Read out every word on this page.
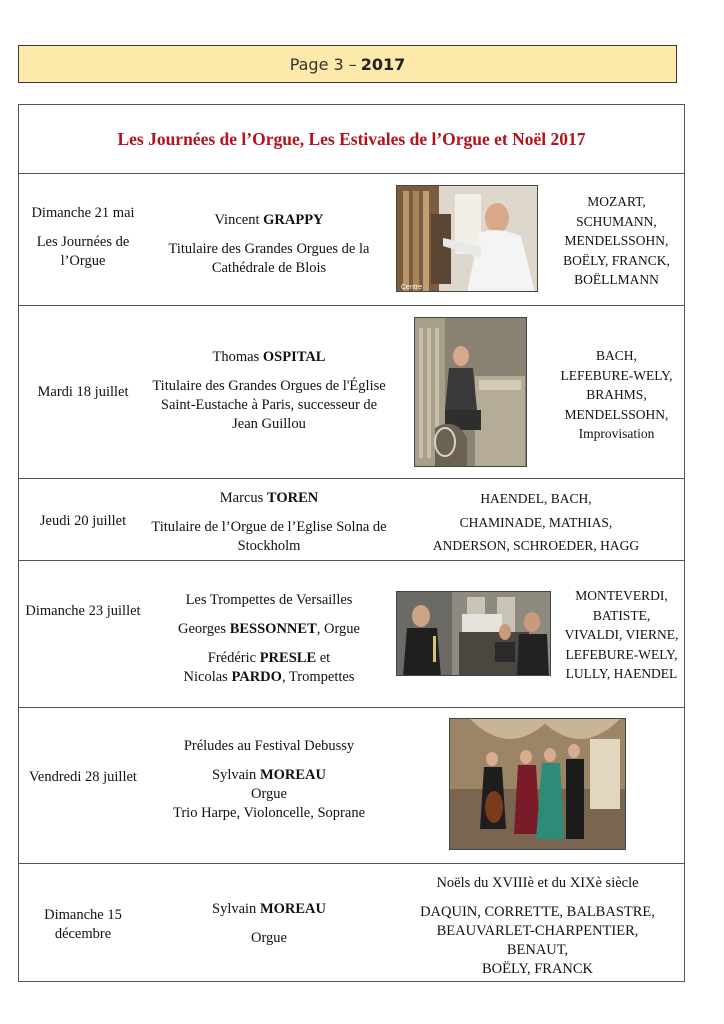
Page 3 – 2017
Les Journées de l’Orgue, Les Estivales de l’Orgue et Noël 2017

Dimanche 21 mai

Les Journées de l’Orgue

Vincent GRAPPY

Titulaire des Grandes Orgues de la Cathédrale de Blois

Centre
MOZART,
SCHUMANN,
MENDELSSOHN,
BOËLY, FRANCK,
BOËLLMANN

Mardi 18 juillet

Thomas OSPITAL

Titulaire des Grandes Orgues de l'Église Saint-Eustache à Paris, successeur de Jean Guillou

BACH,
LEFEBURE-WELY,
BRAHMS,
MENDELSSOHN,
Improvisation

Jeudi 20 juillet

Marcus TOREN

Titulaire de l’Orgue de l’Eglise Solna de Stockholm

HAENDEL, BACH,
CHAMINADE, MATHIAS,
ANDERSON, SCHROEDER, HAGG

Dimanche 23 juillet

Les Trompettes de Versailles

Georges BESSONNET, Orgue

Frédéric PRESLE et

Nicolas PARDO, Trompettes

MONTEVERDI,
BATISTE,
VIVALDI, VIERNE,
LEFEBURE-WELY,
LULLY, HAENDEL

Vendredi 28 juillet

Préludes au Festival Debussy

Sylvain MOREAU

Orgue

Trio Harpe, Violoncelle, Soprane

Dimanche 15 décembre

Sylvain MOREAU

Orgue

Noëls du XVIIIè et du XIXè siècle
DAQUIN, CORRETTE, BALBASTRE,
BEAUVARLET-CHARPENTIER,
BENAUT,
BOËLY, FRANCK
